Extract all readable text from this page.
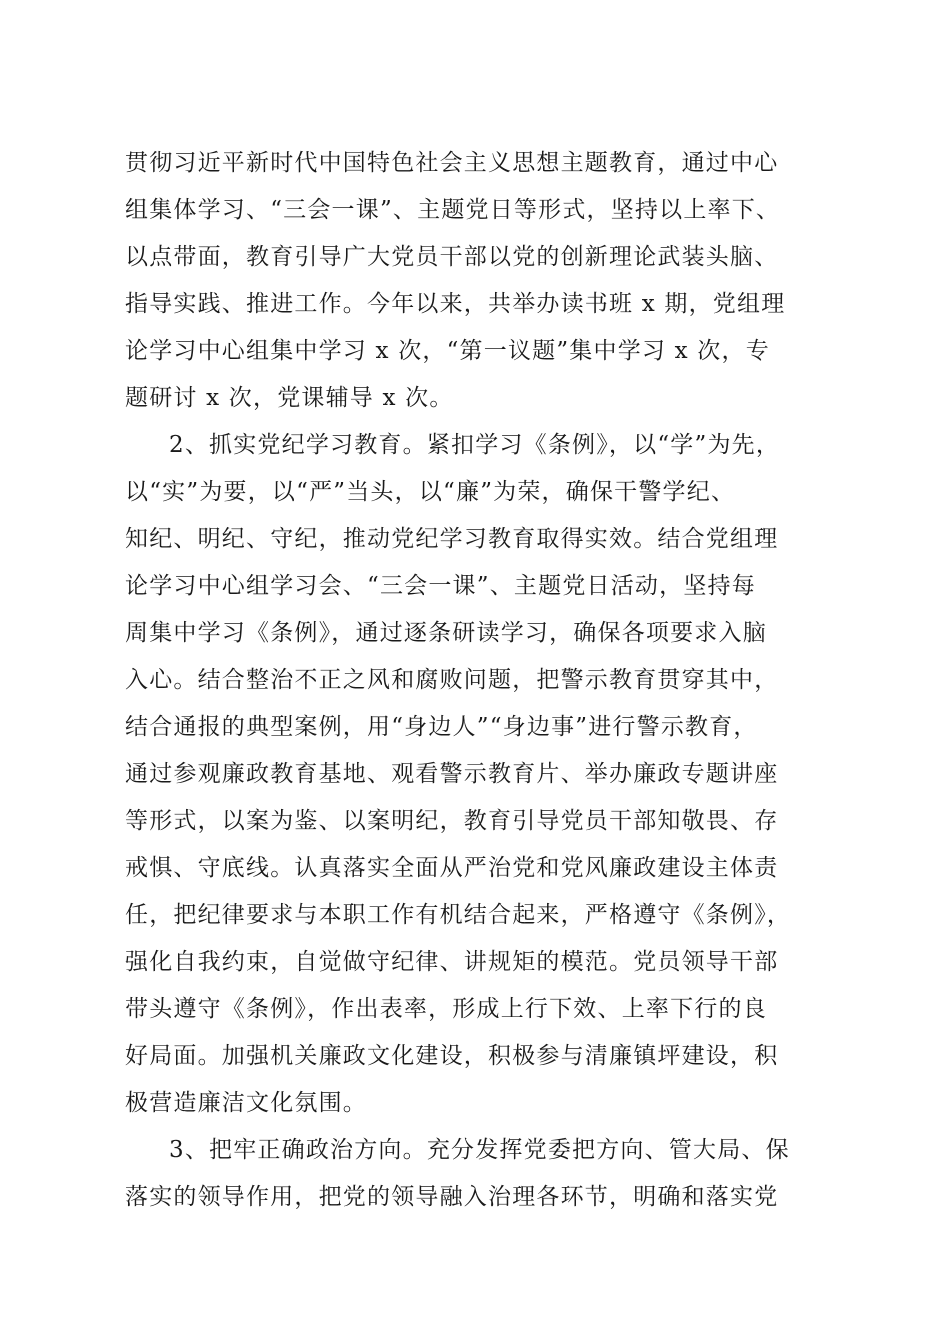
贯彻习近平新时代中国特色社会主义思想主题教育，通过中心
组集体学习、“三会一课”、主题党日等形式，坚持以上率下、
以点带面，教育引导广大党员干部以党的创新理论武装头脑、
指导实践、推进工作。今年以来，共举办读书班 x 期，党组理
论学习中心组集中学习 x 次，“第一议题”集中学习 x 次，专
题研讨 x 次，党课辅导 x 次。
2、抓实党纪学习教育。紧扣学习《条例》，以“学”为先，
以“实”为要，以“严”当头，以“廉”为荣，确保干警学纪、
知纪、明纪、守纪，推动党纪学习教育取得实效。结合党组理
论学习中心组学习会、“三会一课”、主题党日活动，坚持每
周集中学习《条例》，通过逐条研读学习，确保各项要求入脑
入心。结合整治不正之风和腐败问题，把警示教育贯穿其中，
结合通报的典型案例，用“身边人”“身边事”进行警示教育，
通过参观廉政教育基地、观看警示教育片、举办廉政专题讲座
等形式，以案为鉴、以案明纪，教育引导党员干部知敬畏、存
戒惧、守底线。认真落实全面从严治党和党风廉政建设主体责
任，把纪律要求与本职工作有机结合起来，严格遵守《条例》，
强化自我约束，自觉做守纪律、讲规矩的模范。党员领导干部
带头遵守《条例》，作出表率，形成上行下效、上率下行的良
好局面。加强机关廉政文化建设，积极参与清廉镇坪建设，积
极营造廉洁文化氛围。
3、把牢正确政治方向。充分发挥党委把方向、管大局、保
落实的领导作用，把党的领导融入治理各环节，明确和落实党
